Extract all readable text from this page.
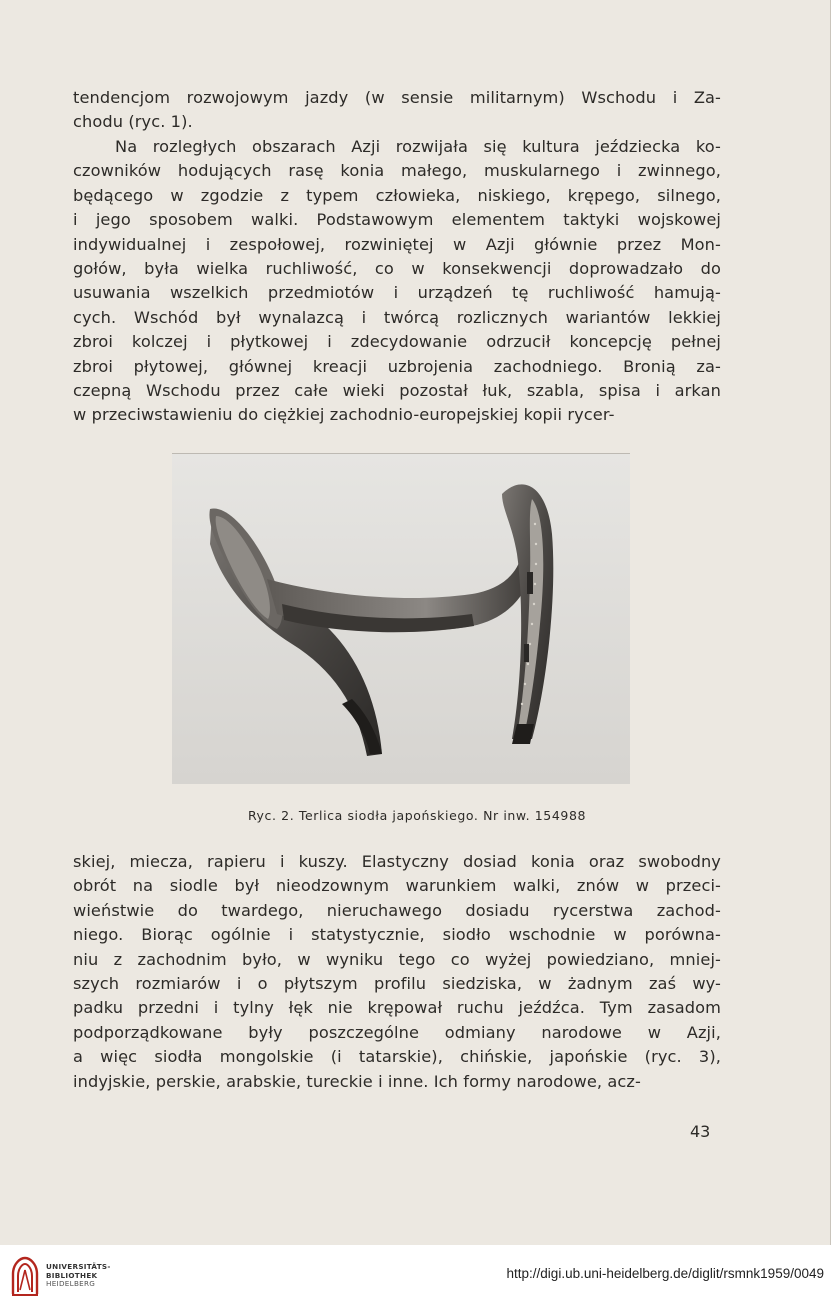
tendencjom rozwojowym jazdy (w sensie militarnym) Wschodu i Za-
chodu (ryc. 1).
Na rozległych obszarach Azji rozwijała się kultura jeździecka ko-
czowników hodujących rasę konia małego, muskularnego i zwinnego,
będącego w zgodzie z typem człowieka, niskiego, krępego, silnego,
i jego sposobem walki. Podstawowym elementem taktyki wojskowej
indywidualnej i zespołowej, rozwiniętej w Azji głównie przez Mon-
gołów, była wielka ruchliwość, co w konsekwencji doprowadzało do
usuwania wszelkich przedmiotów i urządzeń tę ruchliwość hamują-
cych. Wschód był wynalazcą i twórcą rozlicznych wariantów lekkiej
zbroi kolczej i płytkowej i zdecydowanie odrzucił koncepcję pełnej
zbroi płytowej, głównej kreacji uzbrojenia zachodniego. Bronią za-
czepną Wschodu przez całe wieki pozostał łuk, szabla, spisa i arkan
w przeciwstawieniu do ciężkiej zachodnio-europejskiej kopii rycer-
Ryc. 2. Terlica siodła japońskiego. Nr inw. 154988
skiej, miecza, rapieru i kuszy. Elastyczny dosiad konia oraz swobodny
obrót na siodle był nieodzownym warunkiem walki, znów w przeci-
wieństwie do twardego, nieruchawego dosiadu rycerstwa zachod-
niego. Biorąc ogólnie i statystycznie, siodło wschodnie w porówna-
niu z zachodnim było, w wyniku tego co wyżej powiedziano, mniej-
szych rozmiarów i o płytszym profilu siedziska, w żadnym zaś wy-
padku przedni i tylny łęk nie krępował ruchu jeźdźca. Tym zasadom
podporządkowane były poszczególne odmiany narodowe w Azji,
a więc siodła mongolskie (i tatarskie), chińskie, japońskie (ryc. 3),
indyjskie, perskie, arabskie, tureckie i inne. Ich formy narodowe, acz-
43
UNIVERSITÄTS-
BIBLIOTHEK
HEIDELBERG
http://digi.ub.uni-heidelberg.de/diglit/rsmnk1959/0049
